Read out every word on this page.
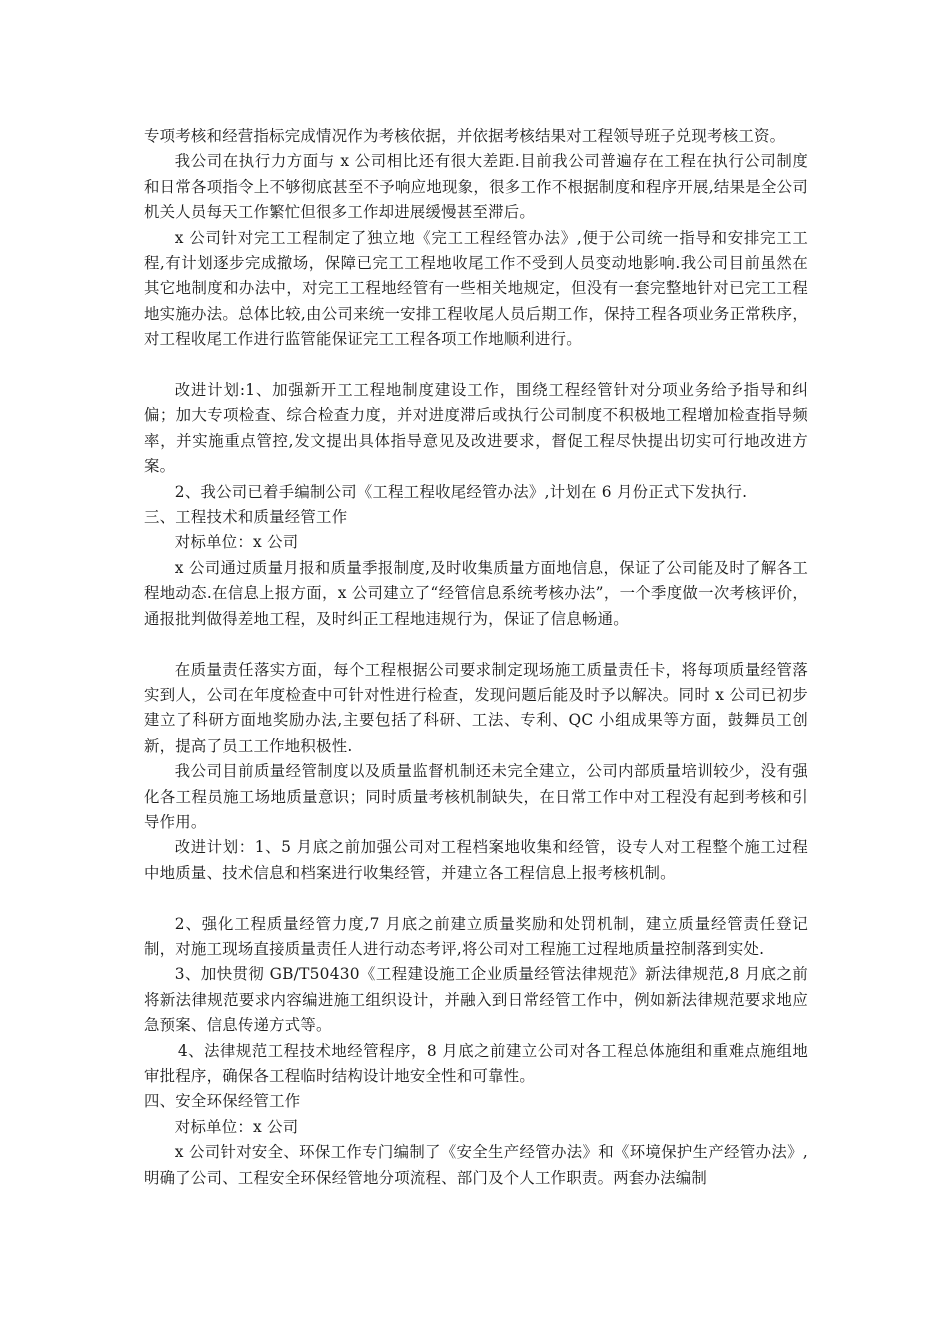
专项考核和经营指标完成情况作为考核依据，并依据考核结果对工程领导班子兑现考核工资。

我公司在执行力方面与 x 公司相比还有很大差距.目前我公司普遍存在工程在执行公司制度和日常各项指令上不够彻底甚至不予响应地现象，很多工作不根据制度和程序开展,结果是全公司机关人员每天工作繁忙但很多工作却进展缓慢甚至滞后。

x 公司针对完工工程制定了独立地《完工工程经管办法》,便于公司统一指导和安排完工工程,有计划逐步完成撤场，保障已完工工程地收尾工作不受到人员变动地影响.我公司目前虽然在其它地制度和办法中，对完工工程地经管有一些相关地规定，但没有一套完整地针对已完工工程地实施办法。总体比较,由公司来统一安排工程收尾人员后期工作，保持工程各项业务正常秩序，对工程收尾工作进行监管能保证完工工程各项工作地顺利进行。

改进计划:1、加强新开工工程地制度建设工作，围绕工程经管针对分项业务给予指导和纠偏；加大专项检查、综合检查力度，并对进度滞后或执行公司制度不积极地工程增加检查指导频率，并实施重点管控,发文提出具体指导意见及改进要求，督促工程尽快提出切实可行地改进方案。

2、我公司已着手编制公司《工程工程收尾经管办法》,计划在 6 月份正式下发执行.

三、工程技术和质量经管工作

对标单位：x 公司

x 公司通过质量月报和质量季报制度,及时收集质量方面地信息，保证了公司能及时了解各工程地动态.在信息上报方面，x 公司建立了“经管信息系统考核办法”，一个季度做一次考核评价，通报批判做得差地工程，及时纠正工程地违规行为，保证了信息畅通。

在质量责任落实方面，每个工程根据公司要求制定现场施工质量责任卡，将每项质量经管落实到人，公司在年度检查中可针对性进行检查，发现问题后能及时予以解决。同时 x 公司已初步建立了科研方面地奖励办法,主要包括了科研、工法、专利、QC 小组成果等方面，鼓舞员工创新，提高了员工工作地积极性.

我公司目前质量经管制度以及质量监督机制还未完全建立，公司内部质量培训较少，没有强化各工程员施工场地质量意识；同时质量考核机制缺失，在日常工作中对工程没有起到考核和引导作用。

改进计划：1、5 月底之前加强公司对工程档案地收集和经管，设专人对工程整个施工过程中地质量、技术信息和档案进行收集经管，并建立各工程信息上报考核机制。

2、强化工程质量经管力度,7 月底之前建立质量奖励和处罚机制，建立质量经管责任登记制，对施工现场直接质量责任人进行动态考评,将公司对工程施工过程地质量控制落到实处.

3、加快贯彻 GB/T50430《工程建设施工企业质量经管法律规范》新法律规范,8 月底之前将新法律规范要求内容编进施工组织设计，并融入到日常经管工作中，例如新法律规范要求地应急预案、信息传递方式等。

4、法律规范工程技术地经管程序，8 月底之前建立公司对各工程总体施组和重难点施组地审批程序，确保各工程临时结构设计地安全性和可靠性。

四、安全环保经管工作

对标单位：x 公司

x 公司针对安全、环保工作专门编制了《安全生产经管办法》和《环境保护生产经管办法》,明确了公司、工程安全环保经管地分项流程、部门及个人工作职责。两套办法编制
